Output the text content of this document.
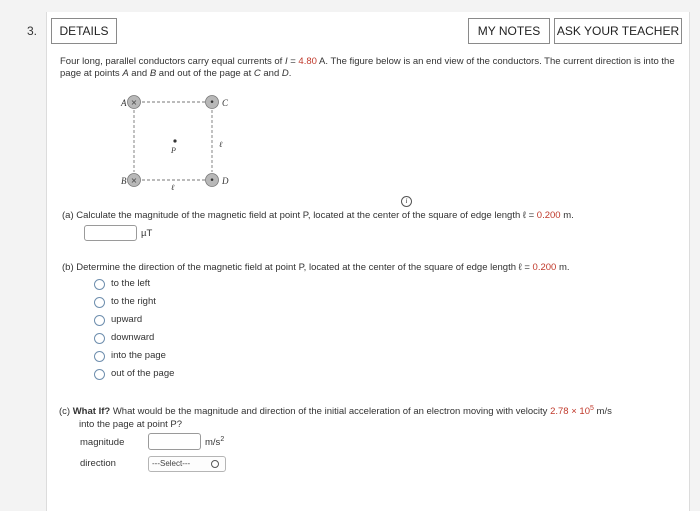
3.	DETAILS	MY NOTES	ASK YOUR TEACHER
Four long, parallel conductors carry equal currents of I = 4.80 A. The figure below is an end view of the conductors. The current direction is into the page at points A and B and out of the page at C and D.
×
A
×
B
• C
• D
P
ℓ
ℓ
i
(a) Calculate the magnitude of the magnetic field at point P, located at the center of the square of edge length ℓ = 0.200 m.
µT
(b) Determine the direction of the magnetic field at point P, located at the center of the square of edge length ℓ = 0.200 m.
to the left
to the right
upward
downward
into the page
out of the page
(c) What If? What would be the magnitude and direction of the initial acceleration of an electron moving with velocity $2.78 \times 10^5$ m/s
into the page at point P?
magnitude	$m/s^2$
direction	---Select---
